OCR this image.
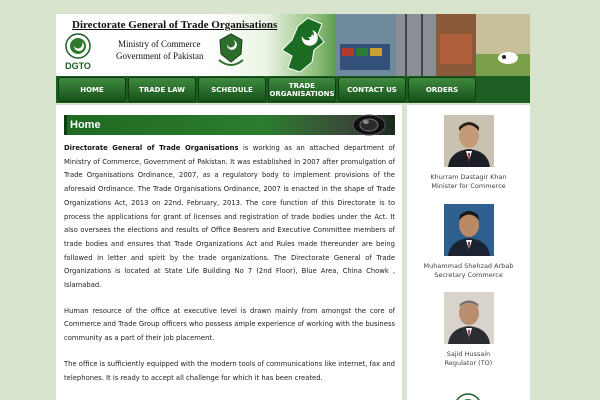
DGTO
Directorate General of Trade Organisations
Ministry of Commerce
Government of Pakistan
HOME	TRADE LAW	SCHEDULE	TRADE ORGANISATIONS	CONTACT US	ORDERS
Home

Directorate General of Trade Organisations is working as an attached department of Ministry of Commerce, Government of Pakistan. It was established in 2007 after promulgation of Trade Organisations Ordinance, 2007, as a regulatory body to implement provisions of the aforesaid Ordinance. The Trade Organisations Ordinance, 2007 is enacted in the shape of Trade Organizations Act, 2013 on 22nd. February, 2013. The core function of this Directorate is to process the applications for grant of licenses and registration of trade bodies under the Act. It also oversees the elections and results of Office Bearers and Executive Committee members of trade bodies and ensures that Trade Organizations Act and Rules made thereunder are being followed in letter and spirit by the trade organizations. The Directorate General of Trade Organizations is located at State Life Building No 7 (2nd Floor), Blue Area, China Chowk , Islamabad.

Human resource of the office at executive level is drawn mainly from amongst the core of Commerce and Trade Group officers who possess ample experience of working with the business community as a part of their job placement.

The office is sufficiently equipped with the modern tools of communications like internet, fax and telephones. It is ready to accept all challenge for which it has been created.

Khurram Dastagir Khan
Minister for Commerce
Muhammad Shehzad Arbab
Secretary Commerce
Sajid Hussain
Regulator (TO)
